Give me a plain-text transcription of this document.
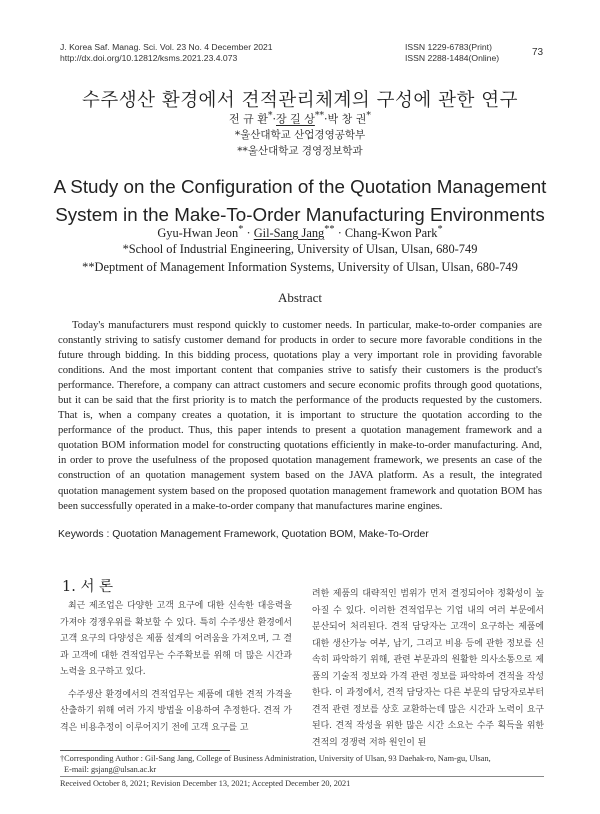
J. Korea Saf. Manag. Sci. Vol. 23 No. 4 December 2021
http://dx.doi.org/10.12812/ksms.2021.23.4.073
ISSN 1229-6783(Print)
ISSN 2288-1484(Online)	73
수주생산 환경에서 견적관리체계의 구성에 관한 연구
전 규 환*·장 길 상**·박 창 권*
*울산대학교 산업경영공학부
**울산대학교 경영정보학과
A Study on the Configuration of the Quotation Management
System in the Make-To-Order Manufacturing Environments
Gyu-Hwan Jeon* · Gil-Sang Jang** · Chang-Kwon Park*
*School of Industrial Engineering, University of Ulsan, Ulsan, 680-749
**Deptment of Management Information Systems, University of Ulsan, Ulsan, 680-749
Abstract

Today's manufacturers must respond quickly to customer needs. In particular, make-to-order companies are constantly striving to satisfy customer demand for products in order to secure more favorable conditions in the future through bidding. In this bidding process, quotations play a very important role in providing favorable conditions. And the most important content that companies strive to satisfy their customers is the product's performance. Therefore, a company can attract customers and secure economic profits through good quotations, but it can be said that the first priority is to match the performance of the products requested by the customers. That is, when a company creates a quotation, it is important to structure the quotation according to the performance of the product. Thus, this paper intends to present a quotation management framework and a quotation BOM information model for constructing quotations efficiently in make-to-order manufacturing. And, in order to prove the usefulness of the proposed quotation management framework, we presents an case of the construction of an quotation management system based on the JAVA platform. As a result, the integrated quotation management system based on the proposed quotation management framework and quotation BOM has been successfully operated in a make-to-order company that manufactures marine engines.

Keywords : Quotation Management Framework, Quotation BOM, Make-To-Order
1. 서 론

최근 제조업은 다양한 고객 요구에 대한 신속한 대응력을 가져야 경쟁우위를 확보할 수 있다. 특히 수주생산 환경에서 고객 요구의 다양성은 제품 설계의 어려움을 가져오며, 그 결과 고객에 대한 견적업무는 수주확보를 위해 더 많은 시간과 노력을 요구하고 있다.

수주생산 환경에서의 견적업무는 제품에 대한 견적 가격을 산출하기 위해 여러 가지 방법을 이용하여 추정한다. 견적 가격은 비용추정이 이루어지기 전에 고객 요구를 고

려한 제품의 대략적인 범위가 먼저 결정되어야 정확성이 높아질 수 있다. 이러한 견적업무는 기업 내의 여러 부문에서 분산되어 처리된다. 견적 담당자는 고객이 요구하는 제품에 대한 생산가능 여부, 납기, 그리고 비용 등에 관한 정보를 신속히 파악하기 위해, 관련 부문과의 원활한 의사소통으로 제품의 기술적 정보와 가격 관련 정보를 파악하여 견적을 작성한다. 이 과정에서, 견적 담당자는 다른 부문의 담당자로부터 견적 관련 정보를 상호 교환하는데 많은 시간과 노력이 요구된다. 견적 작성을 위한 많은 시간 소요는 수주 획득을 위한 견적의 경쟁력 저하 원인이 된

†Corresponding Author : Gil-Sang Jang, College of Business Administration, University of Ulsan, 93 Daehak-ro, Nam-gu, Ulsan,
E-mail: gsjang@ulsan.ac.kr
Received October 8, 2021; Revision December 13, 2021; Accepted December 20, 2021
